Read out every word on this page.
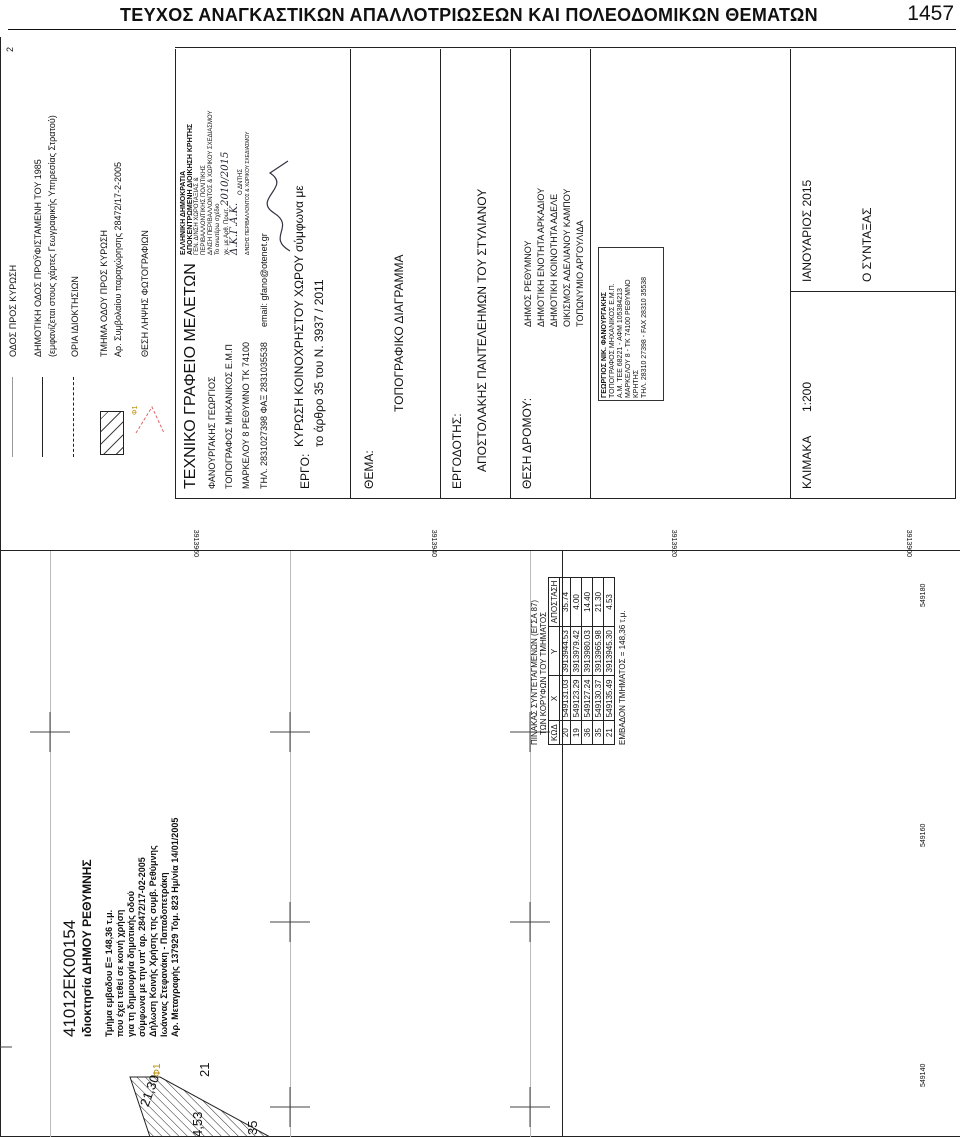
ΤΕΥΧΟΣ ΑΝΑΓΚΑΣΤΙΚΩΝ ΑΠΑΛΛΟΤΡΙΩΣΕΩΝ ΚΑΙ ΠΟΛΕΟΔΟΜΙΚΩΝ ΘΕΜΑΤΩΝ	1457
ΟΔΟΣ ΠΡΟΣ ΚΥΡΩΣΗ ΔΗΜΟΤΙΚΗ ΟΔΟΣ ΠΡΟΫΦΙΣΤΑΜΕΝΗ ΤΟΥ 1985 (εμφανίζεται στους χάρτες Γεωγραφικής Υπηρεσίας Στρατού) ΟΡΙΑ ΙΔΙΟΚΤΗΣΙΩΝ ΤΜΗΜΑ ΟΔΟΥ ΠΡΟΣ ΚΥΡΩΣΗ Αρ. Συμβολαίου παραχώρησης 28472/17-2-2005
Φ1
ΘΕΣΗ ΛΗΨΗΣ ΦΩΤΟΓΡΑΦΙΩΝ ΤΕΧΝΙΚΟ ΓΡΑΦΕΙΟ ΜΕΛΕΤΩΝ ΦΑΝΟΥΡΓΑΚΗΣ ΓΕΩΡΓΙΟΣ ΤΟΠΟΓΡΑΦΟΣ ΜΗΧΑΝΙΚΟΣ Ε.Μ.Π ΜΑΡΚΕΛΟΥ 8 ΡΕΘΥΜΝΟ ΤΚ 74100 ΤΗΛ. 2831027398 ΦΑΞ 2831035538
email: gfano@otenet.gr
ΕΛΛΗΝΙΚΗ ΔΗΜΟΚΡΑΤΙΑ ΑΠΟΚΕΝΤΡΩΜΕΝΗ ΔΙΟΙΚΗΣΗ ΚΡΗΤΗΣ ΓΕΝ. Δ/ΝΣΗ ΧΩΡΟΤΑΞΙΑΣ & ΠΕΡΙΒΑΛΛΟΝΤΙΚΗΣ ΠΟΛΙΤΙΚΗΣ Δ/ΝΣΗ ΠΕΡΙΒΑΛΛΟΝΤΟΣ & ΧΩΡΙΚΟΥ ΣΧΕΔΙΑΣΜΟΥ Το ανωτέρω σχέδιο χκ. με Αρθ. Πρωτ. 2010/2015
Δ.Κ.Γ.Α.Κ.
Ο ΔΝΤΗΣ Δ/ΝΣΗΣ ΠΕΡΙΒΑΛΛΟΝΤΟΣ & ΧΩΡΙΚΟΥ ΣΧΕΔΙΑΣΜΟΥ
ΕΡΓΟ:
ΚΥΡΩΣΗ ΚΟΙΝΟΧΡΗΣΤΟΥ ΧΩΡΟΥ σύμφωνα με το άρθρο 35 του Ν. 3937 / 2011
ΘΕΜΑ:
ΤΟΠΟΓΡΑΦΙΚΟ ΔΙΑΓΡΑΜΜΑ
ΕΡΓΟΔΟΤΗΣ: ΑΠΟΣΤΟΛΑΚΗΣ ΠΑΝΤΕΛΕΗΜΩΝ ΤΟΥ ΣΤΥΛΙΑΝΟΥ	ΘΕΣΗ ΔΡΟΜΟΥ:
ΔΗΜΟΣ ΡΕΘΥΜΝΟΥ ΔΗΜΟΤΙΚΗ ΕΝΟΤΗΤΑ ΑΡΚΑΔΙΟΥ ΔΗΜΟΤΙΚΗ ΚΟΙΝΟΤΗΤΑ ΑΔΕΛΕ ΟΙΚΙΣΜΟΣ ΑΔΕΛΙΑΝΟΥ ΚΑΜΠΟΥ ΤΟΠΩΝΥΜΙΟ ΑΡΓΟΥΛΙΔΑ
ΓΕΩΡΓΙΟΣ ΝΙΚ. ΦΑΝΟΥΡΓΑΚΗΣ ΤΟΠΟΓΡΑΦΟΣ ΜΗΧΑΝΙΚΟΣ Ε.Μ.Π. Α.Μ. ΤΕΕ 68221 - ΑΦΜ 105384213 ΜΑΡΚΕΛΟΥ 8 - ΤΚ 74100 ΡΕΘΥΜΝΟ ΚΡΗΤΗΣ ΤΗΛ. 28310 27398 - FAX 28310 35538
ΚΛΙΜΑΚΑ
1:200
ΙΑΝΟΥΑΡΙΟΣ 2015	Ο ΣΥΝΤΑΞΑΣ
3913960	3913940	3913920	3913900
549140
549160
549180
21,30
4,53	35
21
Φ1
2
41012ΕΚ00154 ιδιοκτησία ΔΗΜΟΥ ΡΕΘΥΜΝΗΣ Τμήμα εμβαδου Ε= 148,36 τ.μ. που έχει τεθεί σε κοινή χρήση για τη δημιουργία δημοτικής οδού σύμφωνα με την υπ' αρ. 28472/17-02-2005 Δήλωση Κοινής Χρήσης της συμβ. Ρεθύμνης Ιωάννας Στεφανάκη - Παπαδοπετράκη Αρ. Μεταγραφής 137929 Τόμ. 823 Ημ/νία 14/01/2005
ΠΙΝΑΚΑΣ ΣΥΝΤΕΤΑΓΜΕΝΩΝ (ΕΓΣΑ 87) ΤΩΝ ΚΟΡΥΦΩΝ ΤΟΥ ΤΜΗΜΑΤΟΣ ΚΩΔ	Χ	Υ	ΑΠΟΣΤΑΣΗ
20	549131.03	3913944.53	35.74
19	549123.29	3913979.42	4.00
36	549127.24	3913980.03	14.40
35	549130.37	3913965.98	21.30
21	549135.49	3913945.30	4.53
ΕΜΒΑΔΟΝ ΤΜΗΜΑΤΟΣ = 148,36 τ.μ.
